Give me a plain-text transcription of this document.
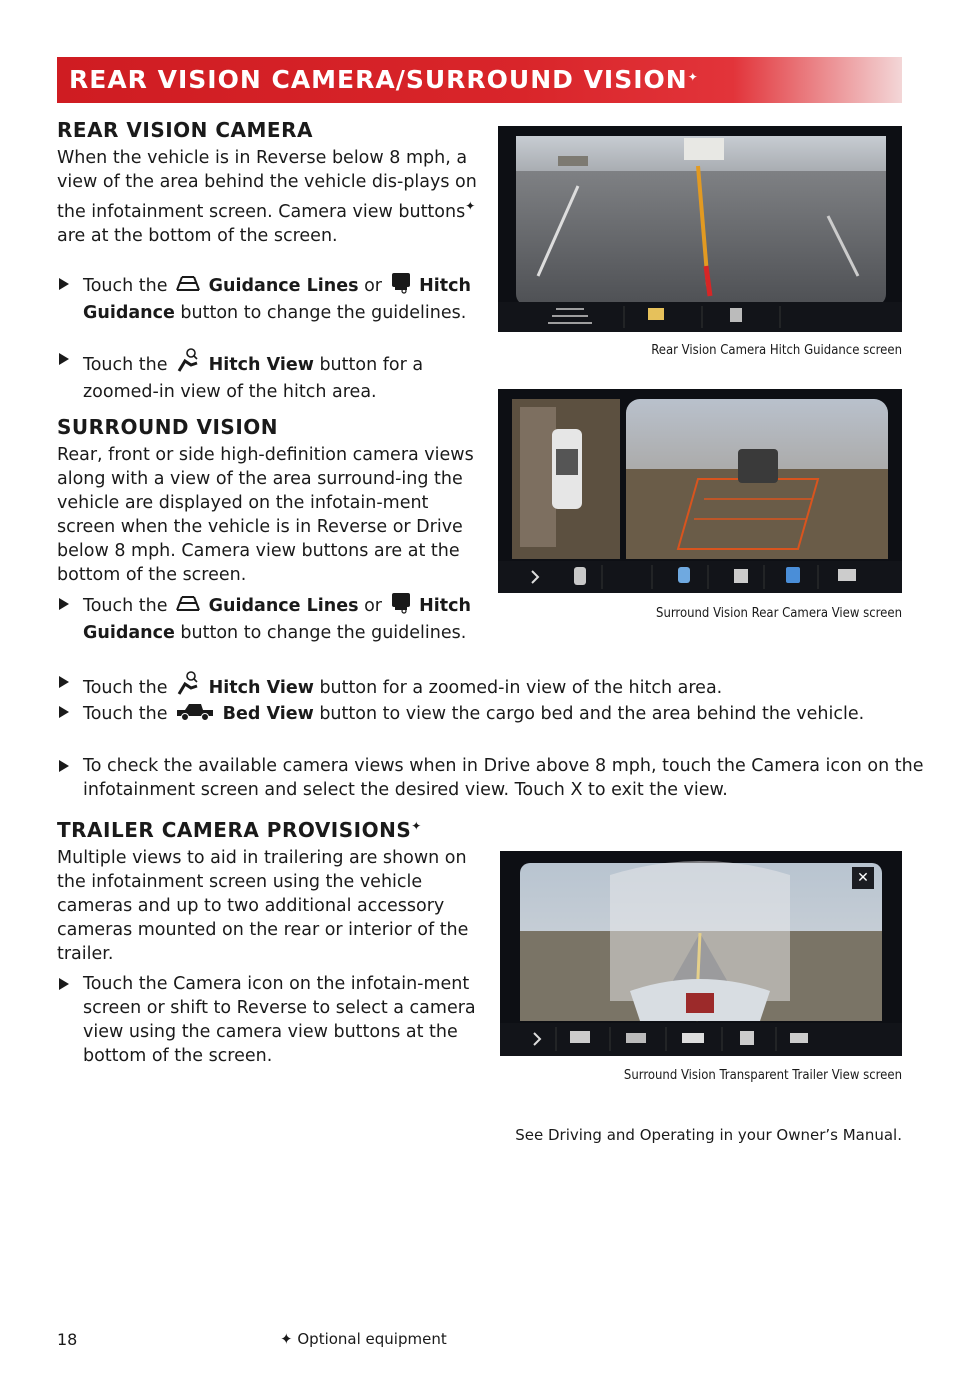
REAR VISION CAMERA/SURROUND VISION✦
REAR VISION CAMERA

When the vehicle is in Reverse below 8 mph, a view of the area behind the vehicle dis-plays on the infotainment screen. Camera view buttons✦ are at the bottom of the screen.

Touch the  Guidance Lines or  Hitch Guidance button to change the guidelines.
Touch the  Hitch View button for a zoomed-in view of the hitch area.
Rear Vision Camera Hitch Guidance screen
SURROUND VISION

Rear, front or side high-definition camera views along with a view of the area surround-ing the vehicle are displayed on the infotain-ment screen when the vehicle is in Reverse or Drive below 8 mph. Camera view buttons are at the bottom of the screen.

Touch the  Guidance Lines or  Hitch Guidance button to change the guidelines.
Touch the  Hitch View button for a zoomed-in view of the hitch area.
Touch the	Bed View button to view the cargo bed and the area behind the vehicle.
To check the available camera views when in Drive above 8 mph, touch the Camera icon on the infotainment screen and select the desired view. Touch X to exit the view.
Surround Vision Rear Camera View screen
TRAILER CAMERA PROVISIONS✦

Multiple views to aid in trailering are shown on the infotainment screen using the vehicle cameras and up to two additional accessory cameras mounted on the rear or interior of the trailer.

Touch the Camera icon on the infotain-ment screen or shift to Reverse to select a camera view using the camera view buttons at the bottom of the screen.
✕
Surround Vision Transparent Trailer View screen
See Driving and Operating in your Owner’s Manual.
18	✦ Optional equipment
